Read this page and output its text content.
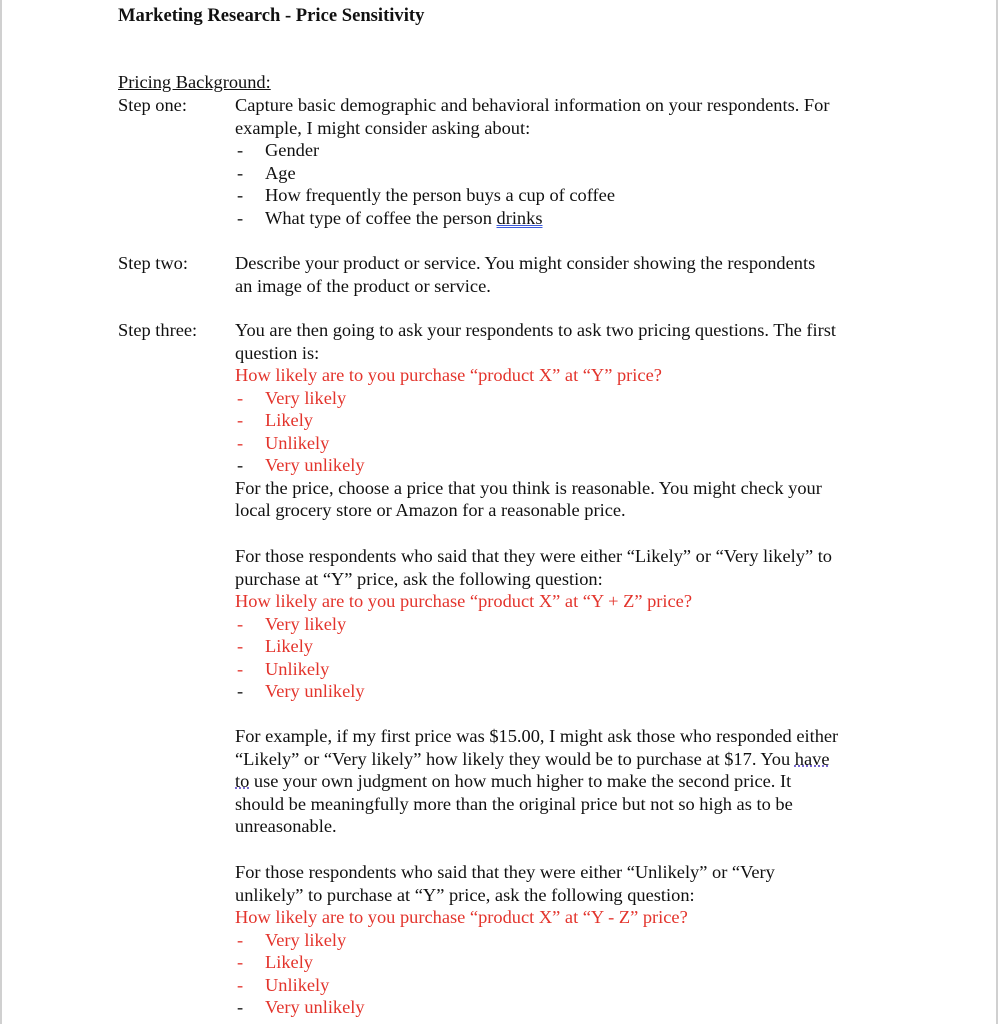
Marketing Research - Price Sensitivity
Pricing Background:
Step one:	Capture basic demographic and behavioral information on your respondents. For

example, I might consider asking about:

- Gender
- Age
- How frequently the person buys a cup of coffee
- What type of coffee the person drinks
Step two:	Describe your product or service. You might consider showing the respondents

an image of the product or service.

Step three: You are then going to ask your respondents to ask two pricing questions. The first

question is:

How likely are to you purchase “product X” at “Y” price?

- Very likely
- Likely
- Unlikely
- Very unlikely

For the price, choose a price that you think is reasonable. You might check your

local grocery store or Amazon for a reasonable price.

For those respondents who said that they were either “Likely” or “Very likely” to

purchase at “Y” price, ask the following question:

How likely are to you purchase “product X” at “Y + Z” price?

- Very likely
- Likely
- Unlikely
- Very unlikely

For example, if my first price was $15.00, I might ask those who responded either

“Likely” or “Very likely” how likely they would be to purchase at $17. You have

to use your own judgment on how much higher to make the second price. It

should be meaningfully more than the original price but not so high as to be

unreasonable.

For those respondents who said that they were either “Unlikely” or “Very

unlikely” to purchase at “Y” price, ask the following question:

How likely are to you purchase “product X” at “Y - Z” price?

- Very likely
- Likely
- Unlikely
- Very unlikely
